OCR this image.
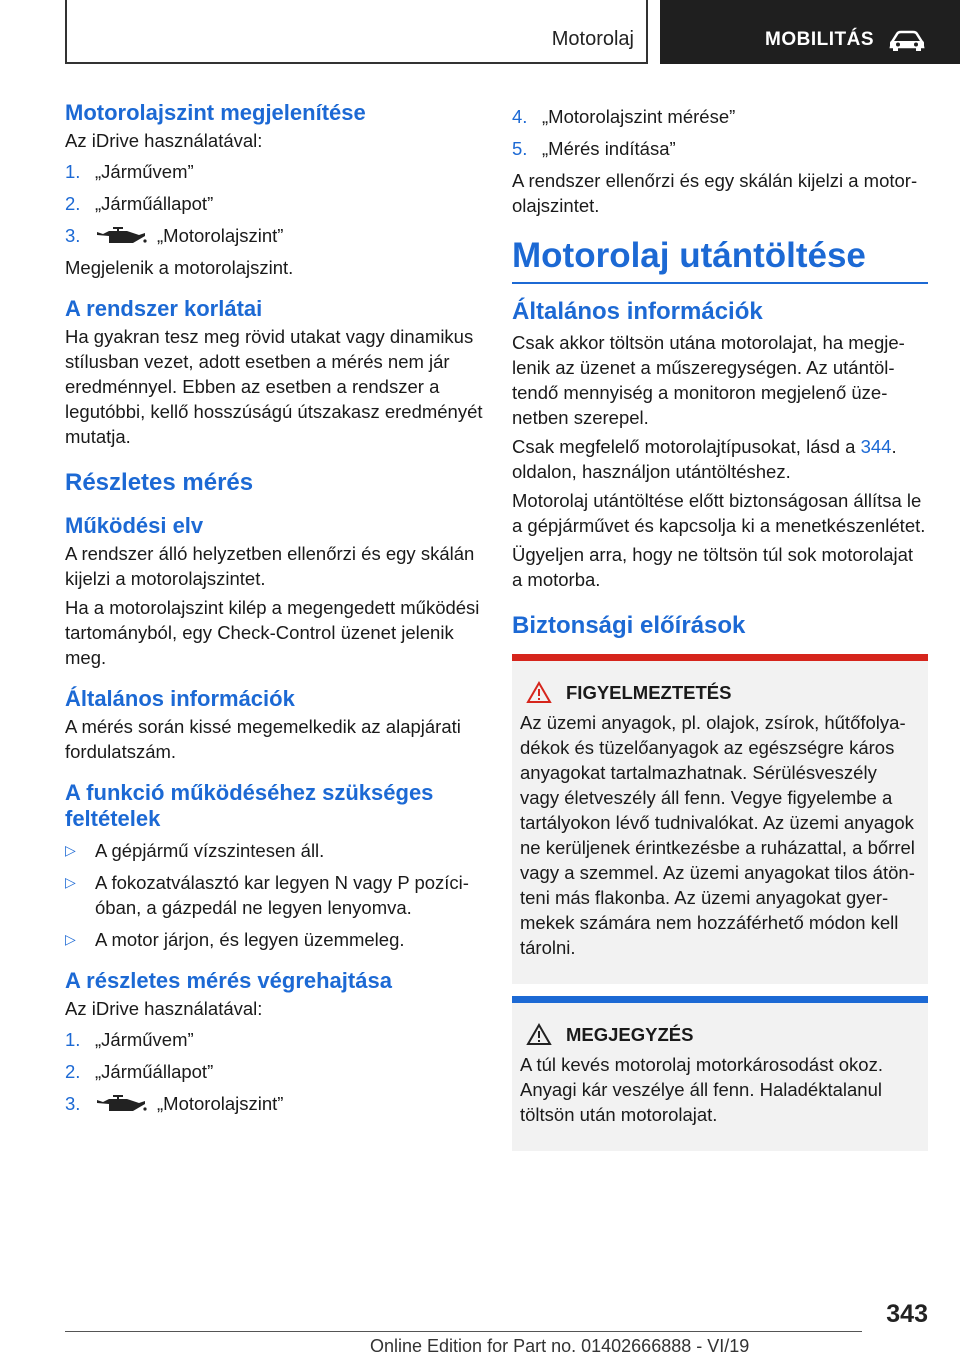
Motorolaj	MOBILITÁS
Motorolajszint megjelenítése

Az iDrive használatával:

1. „Járművem”
2. „Járműállapot”
3.	„Motorolajszint”

Megjelenik a motorolajszint.

A rendszer korlátai

Ha gyakran tesz meg rövid utakat vagy dinamikus stílusban vezet, adott esetben a mérés nem jár eredménnyel. Ebben az esetben a rendszer a legutóbbi, kellő hosszúságú útszakasz eredményét mutatja.

Részletes mérés
Működési elv

A rendszer álló helyzetben ellenőrzi és egy skálán kijelzi a motorolajszintet.

Ha a motorolajszint kilép a megengedett működési tartományból, egy Check-Control üzenet jelenik meg.

Általános információk

A mérés során kissé megemelkedik az alapjárati fordulatszám.

A funkció működéséhez szükséges feltételek
▷ A gépjármű vízszintesen áll.
▷ A fokozatválasztó kar legyen N vagy P pozícióban, a gázpedál ne legyen lenyomva.
▷ A motor járjon, és legyen üzemmeleg.
A részletes mérés végrehajtása

Az iDrive használatával:

1. „Járművem”
2. „Járműállapot”
3.	„Motorolajszint”
4. „Motorolajszint mérése”
5. „Mérés indítása”

A rendszer ellenőrzi és egy skálán kijelzi a motorolajszintet.

Motorolaj utántöltése
Általános információk

Csak akkor töltsön utána motorolajat, ha megjelenik az üzenet a műszeregységen. Az utántöltendő mennyiség a monitoron megjelenő üzenetben szerepel.

Csak megfelelő motorolajtípusokat, lásd a 344. oldalon, használjon utántöltéshez.

Motorolaj utántöltése előtt biztonságosan állítsa le a gépjárművet és kapcsolja ki a menetkészenlétet.

Ügyeljen arra, hogy ne töltsön túl sok motorolajat a motorba.

Biztonsági előírások
FIGYELMEZTETÉS

Az üzemi anyagok, pl. olajok, zsírok, hűtőfolyadékok és tüzelőanyagok az egészségre káros anyagokat tartalmazhatnak. Sérülésveszély vagy életveszély áll fenn. Vegye figyelembe a tartályokon lévő tudnivalókat. Az üzemi anyagok ne kerüljenek érintkezésbe a ruházattal, a bőrrel vagy a szemmel. Az üzemi anyagokat tilos átönteni más flakonba. Az üzemi anyagokat gyermekek számára nem hozzáférhető módon kell tárolni.

MEGJEGYZÉS

A túl kevés motorolaj motorkárosodást okoz. Anyagi kár veszélye áll fenn. Haladéktalanul töltsön után motorolajat.

343
Online Edition for Part no. 01402666888 - VI/19
